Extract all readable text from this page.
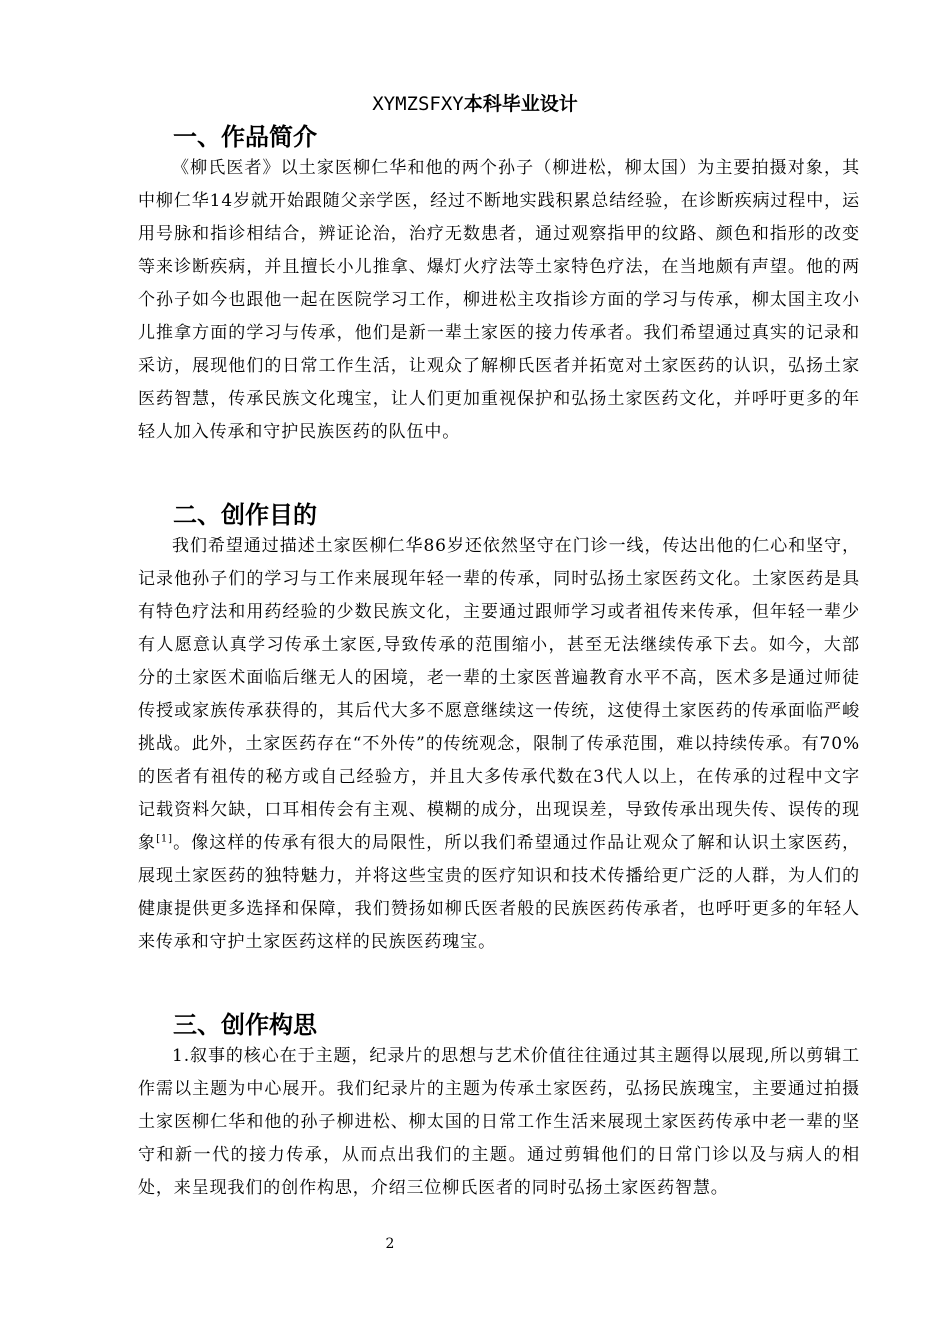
XYMZSFXY本科毕业设计
一、作品简介

《柳氏医者》以土家医柳仁华和他的两个孙子（柳进松，柳太国）为主要拍摄对象，其中柳仁华14岁就开始跟随父亲学医，经过不断地实践积累总结经验，在诊断疾病过程中，运用号脉和指诊相结合，辨证论治，治疗无数患者，通过观察指甲的纹路、颜色和指形的改变等来诊断疾病，并且擅长小儿推拿、爆灯火疗法等土家特色疗法，在当地颇有声望。他的两个孙子如今也跟他一起在医院学习工作，柳进松主攻指诊方面的学习与传承，柳太国主攻小儿推拿方面的学习与传承，他们是新一辈土家医的接力传承者。我们希望通过真实的记录和采访，展现他们的日常工作生活，让观众了解柳氏医者并拓宽对土家医药的认识，弘扬土家医药智慧，传承民族文化瑰宝，让人们更加重视保护和弘扬土家医药文化，并呼吁更多的年轻人加入传承和守护民族医药的队伍中。

二、创作目的

我们希望通过描述土家医柳仁华86岁还依然坚守在门诊一线，传达出他的仁心和坚守，记录他孙子们的学习与工作来展现年轻一辈的传承，同时弘扬土家医药文化。土家医药是具有特色疗法和用药经验的少数民族文化，主要通过跟师学习或者祖传来传承，但年轻一辈少有人愿意认真学习传承土家医,导致传承的范围缩小，甚至无法继续传承下去。如今，大部分的土家医术面临后继无人的困境，老一辈的土家医普遍教育水平不高，医术多是通过师徒传授或家族传承获得的，其后代大多不愿意继续这一传统，这使得土家医药的传承面临严峻挑战。此外，土家医药存在“不外传”的传统观念，限制了传承范围，难以持续传承。有70%的医者有祖传的秘方或自己经验方，并且大多传承代数在3代人以上，在传承的过程中文字记载资料欠缺，口耳相传会有主观、模糊的成分，出现误差，导致传承出现失传、误传的现象[1]。像这样的传承有很大的局限性，所以我们希望通过作品让观众了解和认识土家医药，展现土家医药的独特魅力，并将这些宝贵的医疗知识和技术传播给更广泛的人群，为人们的健康提供更多选择和保障，我们赞扬如柳氏医者般的民族医药传承者，也呼吁更多的年轻人来传承和守护土家医药这样的民族医药瑰宝。

三、创作构思

1.叙事的核心在于主题，纪录片的思想与艺术价值往往通过其主题得以展现,所以剪辑工作需以主题为中心展开。我们纪录片的主题为传承土家医药，弘扬民族瑰宝，主要通过拍摄土家医柳仁华和他的孙子柳进松、柳太国的日常工作生活来展现土家医药传承中老一辈的坚守和新一代的接力传承，从而点出我们的主题。通过剪辑他们的日常门诊以及与病人的相处，来呈现我们的创作构思，介绍三位柳氏医者的同时弘扬土家医药智慧。

2
